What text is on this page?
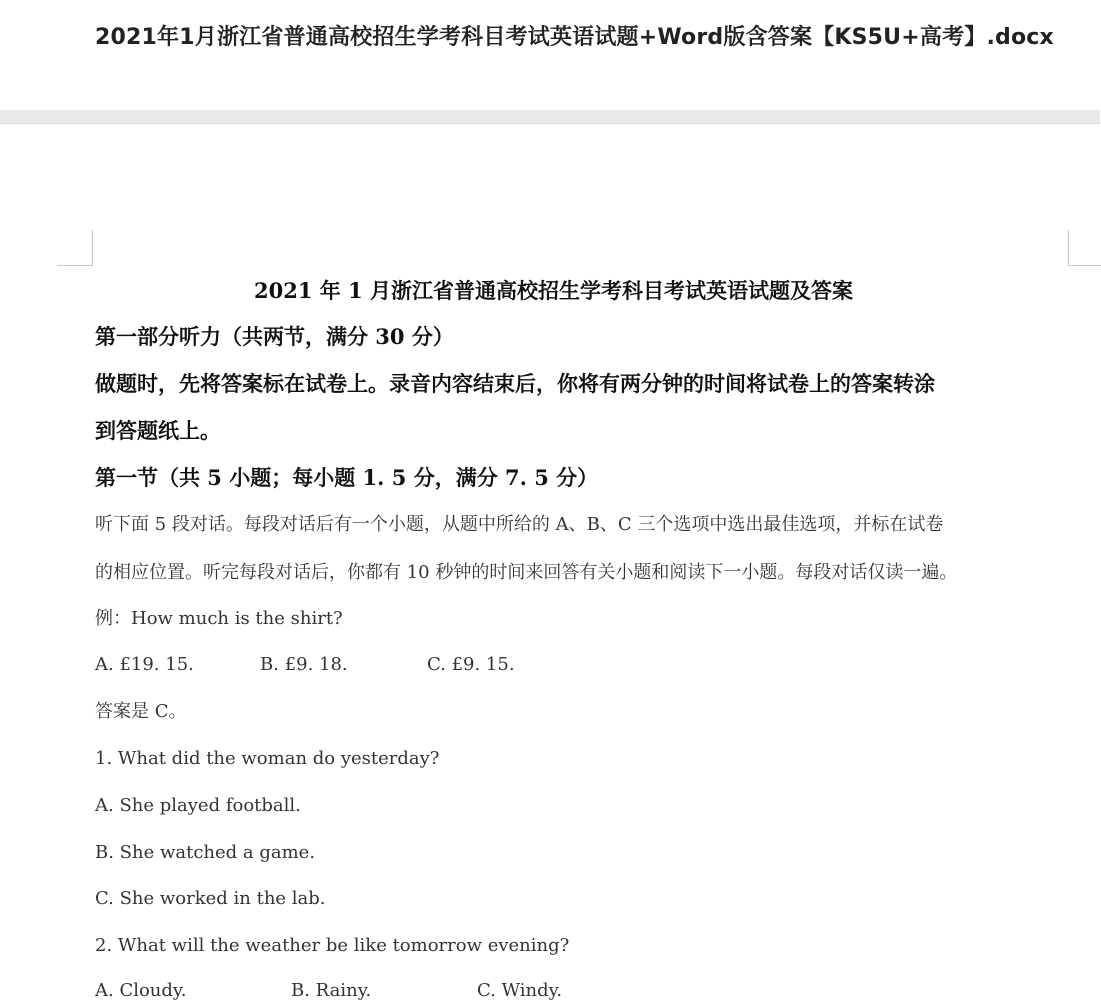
2021年1月浙江省普通高校招生学考科目考试英语试题+Word版含答案【KS5U+高考】.docx
2021 年 1 月浙江省普通高校招生学考科目考试英语试题及答案
第一部分听力（共两节，满分 30 分）
做题时，先将答案标在试卷上。录音内容结束后，你将有两分钟的时间将试卷上的答案转涂
到答题纸上。
第一节（共 5 小题；每小题 1. 5 分，满分 7. 5 分）
听下面 5 段对话。每段对话后有一个小题，从题中所给的 A、B、C 三个选项中选出最佳选项，并标在试卷
的相应位置。听完每段对话后，你都有 10 秒钟的时间来回答有关小题和阅读下一小题。每段对话仅读一遍。
例：How much is the shirt?
A. £19. 15.	B. £9. 18.	C. £9. 15.
答案是 C。
1. What did the woman do yesterday?
A. She played football.
B. She watched a game.
C. She worked in the lab.
2. What will the weather be like tomorrow evening?
A. Cloudy.	B. Rainy.	C. Windy.
